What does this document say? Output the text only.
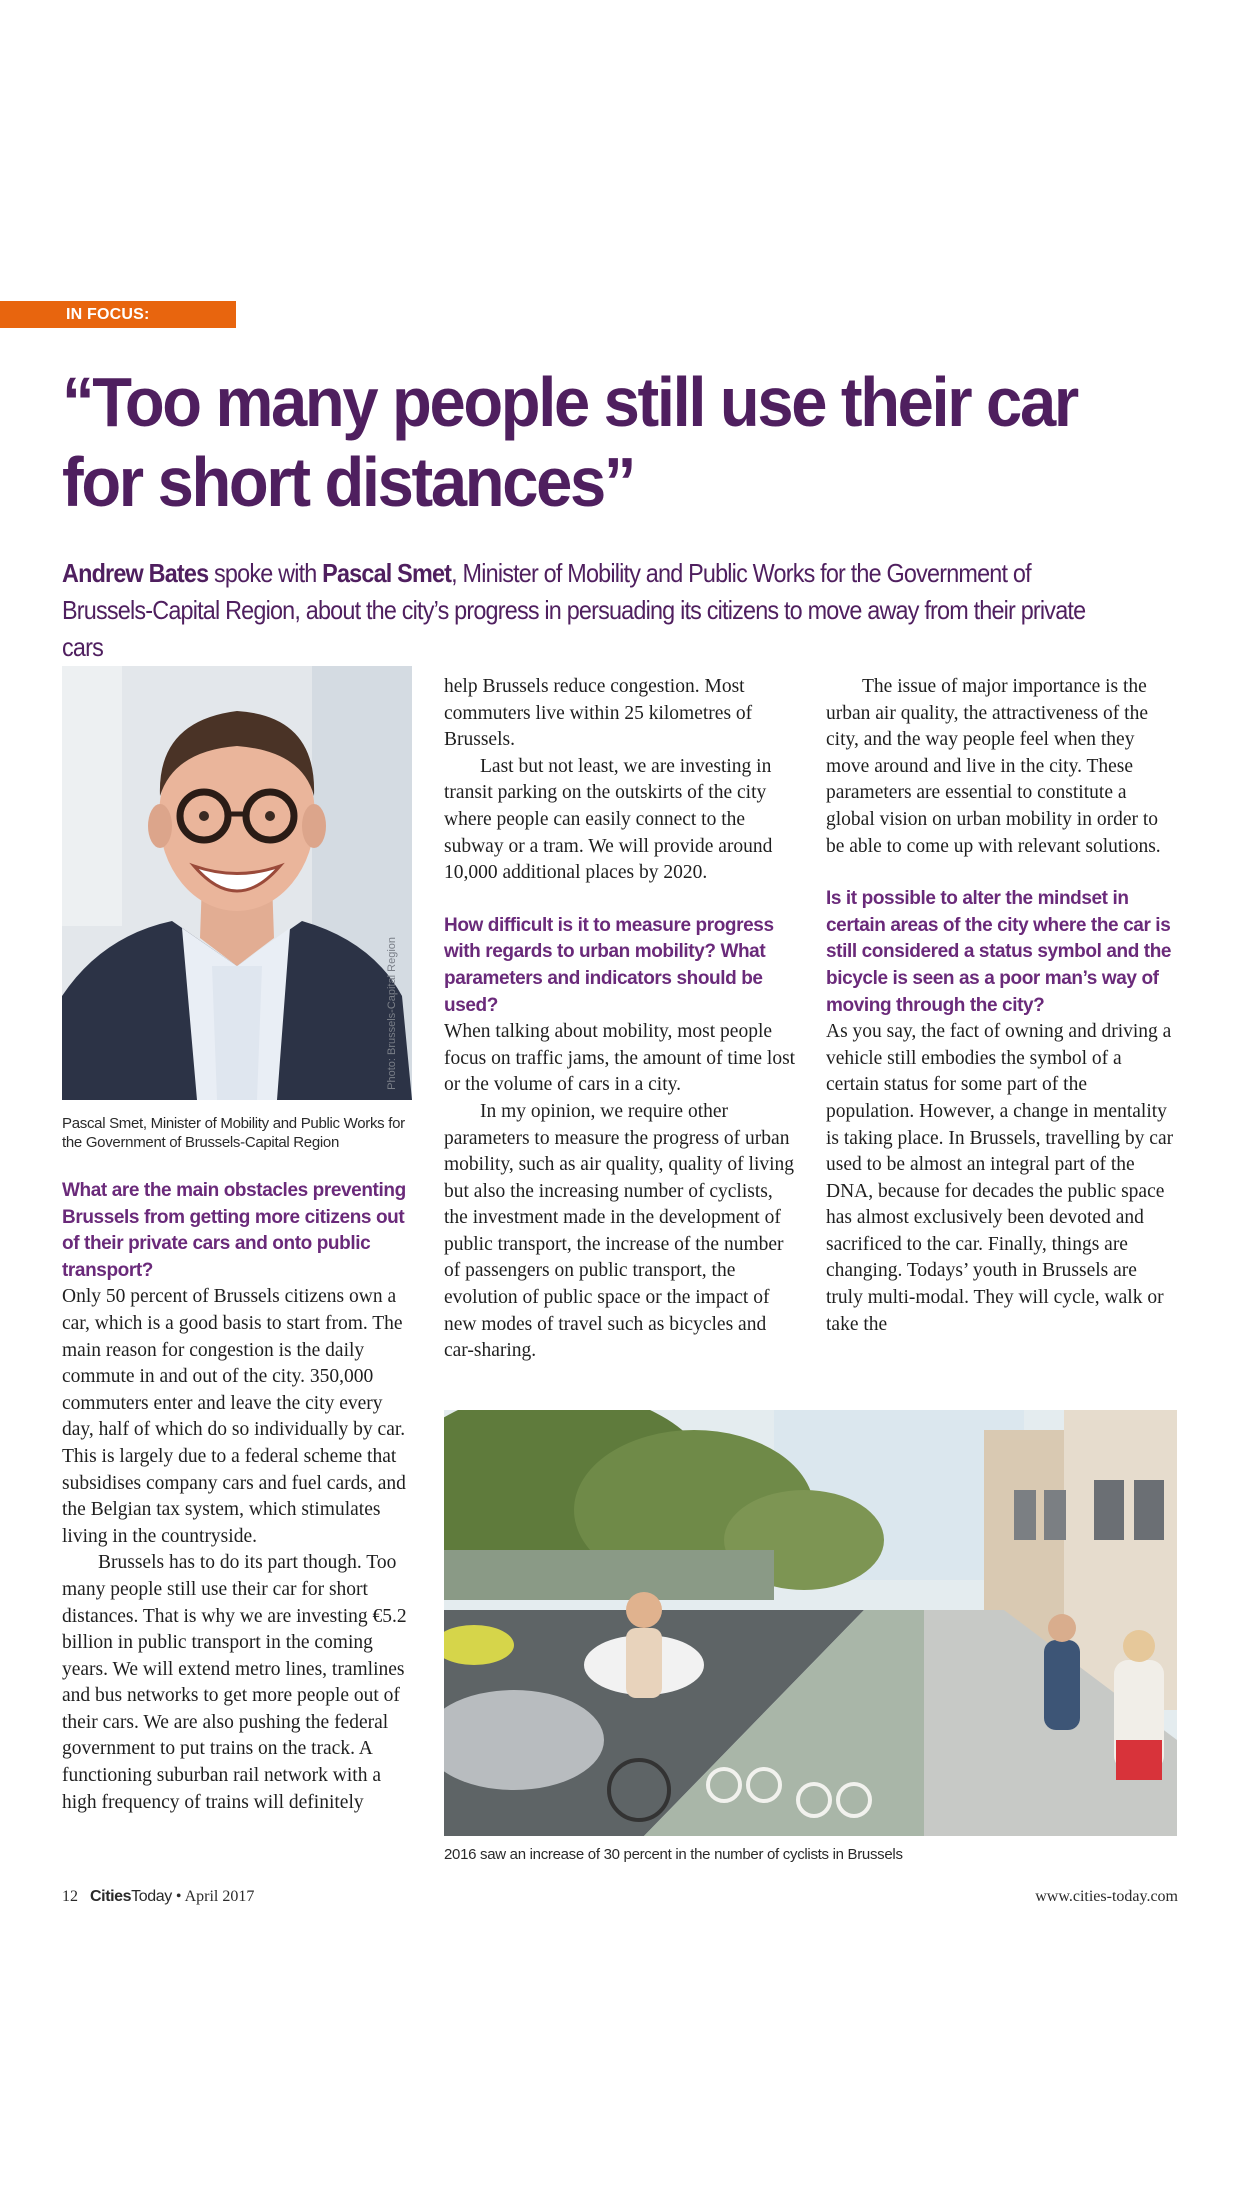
IN FOCUS: TRANSPORT
“Too many people still use their car
for short distances”
Andrew Bates spoke with Pascal Smet, Minister of Mobility and Public Works for the Government of Brussels-Capital Region, about the city’s progress in persuading its citizens to move away from their private cars
Photo: Brussels-Capital Region
Pascal Smet, Minister of Mobility and Public Works for the Government of Brussels-Capital Region

What are the main obstacles preventing Brussels from getting more citizens out of their private cars and onto public transport?

Only 50 percent of Brussels citizens own a car, which is a good basis to start from. The main reason for congestion is the daily commute in and out of the city. 350,000 commuters enter and leave the city every day, half of which do so individually by car. This is largely due to a federal scheme that subsidises company cars and fuel cards, and the Belgian tax system, which stimulates living in the countryside.

Brussels has to do its part though. Too many people still use their car for short distances. That is why we are investing €5.2 billion in public transport in the coming years. We will extend metro lines, tramlines and bus networks to get more people out of their cars. We are also pushing the federal government to put trains on the track. A functioning suburban rail network with a high frequency of trains will definitely

help Brussels reduce congestion. Most commuters live within 25 kilometres of Brussels.

Last but not least, we are investing in transit parking on the outskirts of the city where people can easily connect to the subway or a tram. We will provide around 10,000 additional places by 2020.

How difficult is it to measure progress with regards to urban mobility? What parameters and indicators should be used?

When talking about mobility, most people focus on traffic jams, the amount of time lost or the volume of cars in a city.

In my opinion, we require other parameters to measure the progress of urban mobility, such as air quality, quality of living but also the increasing number of cyclists, the investment made in the development of public transport, the increase of the number of passengers on public transport, the evolution of public space or the impact of new modes of travel such as bicycles and car-sharing.

The issue of major importance is the urban air quality, the attractiveness of the city, and the way people feel when they move around and live in the city. These parameters are essential to constitute a global vision on urban mobility in order to be able to come up with relevant solutions.

Is it possible to alter the mindset in certain areas of the city where the car is still considered a status symbol and the bicycle is seen as a poor man’s way of moving through the city?

As you say, the fact of owning and driving a vehicle still embodies the symbol of a certain status for some part of the population. However, a change in mentality is taking place. In Brussels, travelling by car used to be almost an integral part of the DNA, because for decades the public space has almost exclusively been devoted and sacrificed to the car. Finally, things are changing. Todays’ youth in Brussels are truly multi-modal. They will cycle, walk or take the

2016 saw an increase of 30 percent in the number of cyclists in Brussels
12 CitiesToday • April 2017	www.cities-today.com
